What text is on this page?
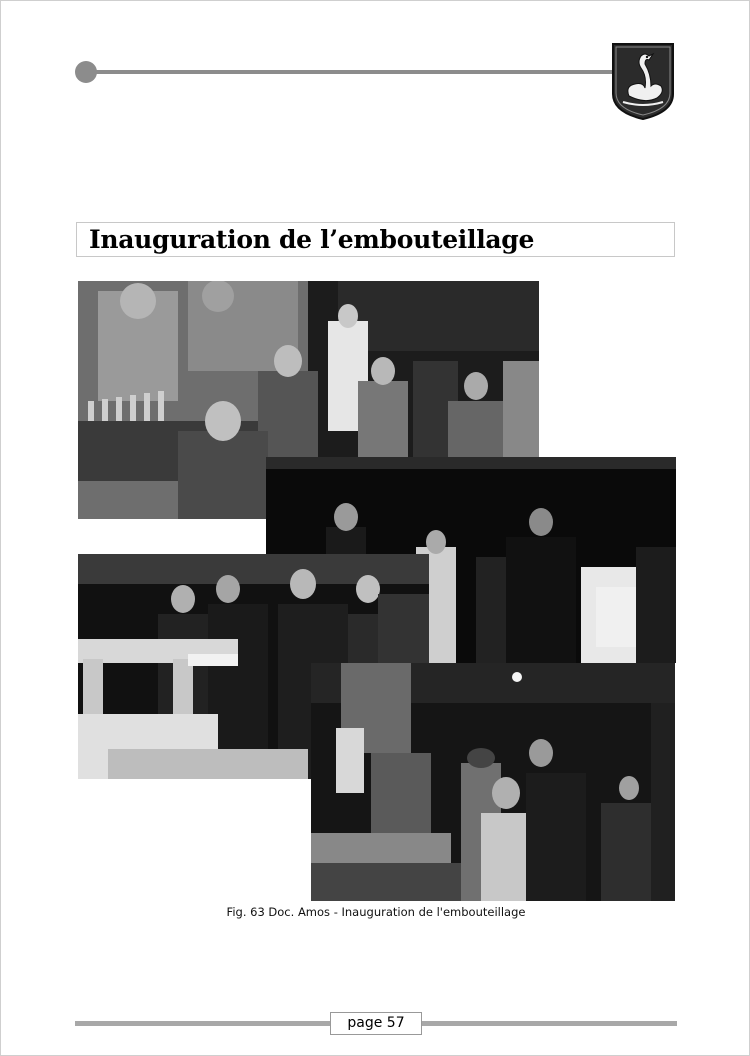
Inauguration de l’embouteillage

Fig. 63 Doc. Amos - Inauguration de l'embouteillage

page 57
